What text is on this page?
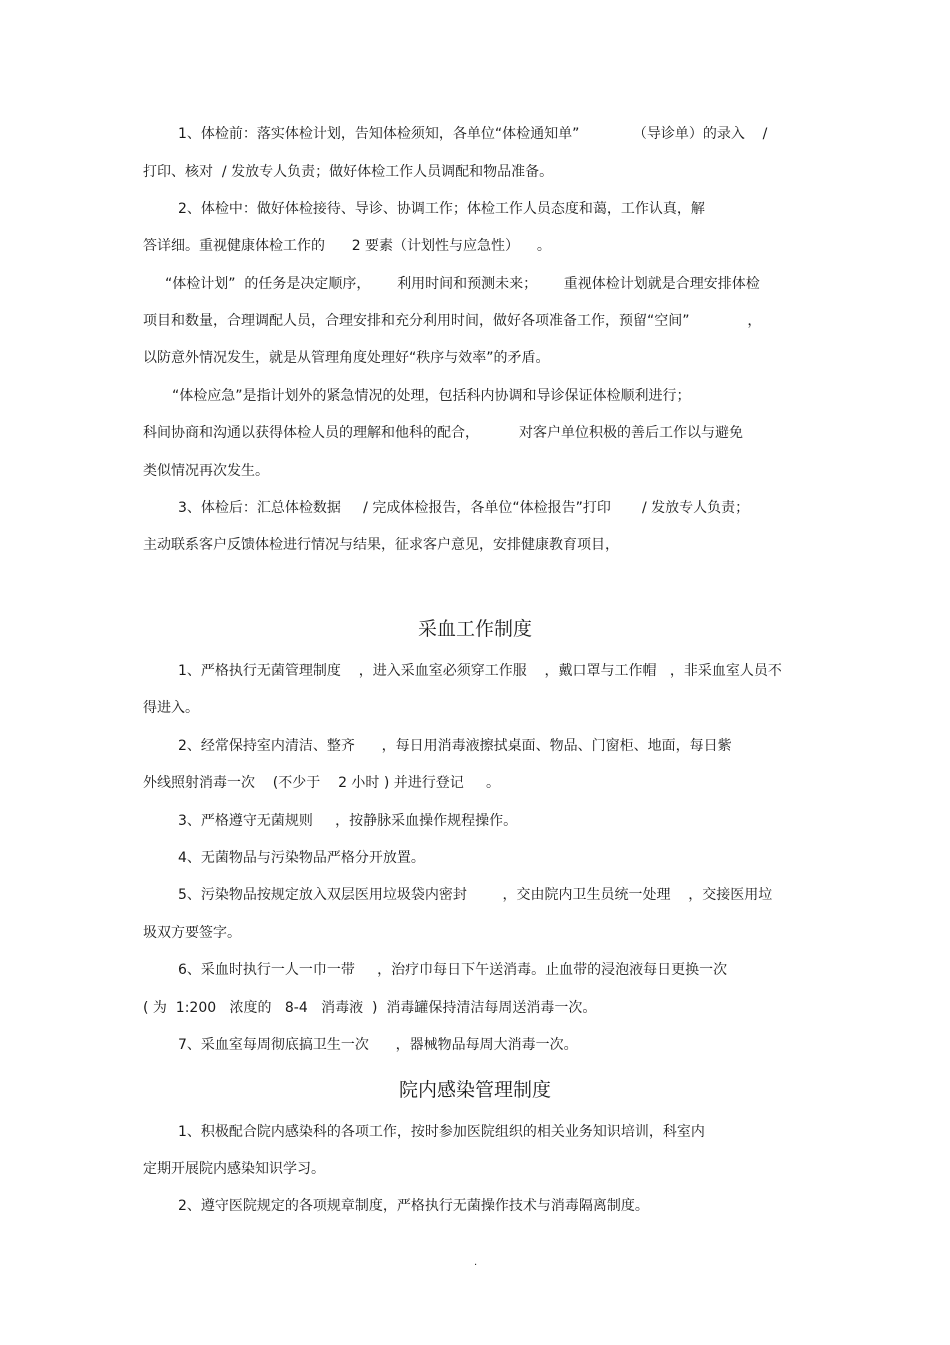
1、体检前：落实体检计划，告知体检须知，各单位“体检通知单”            （导诊单）的录入    /
打印、核对  / 发放专人负责；做好体检工作人员调配和物品准备。
2、体检中：做好体检接待、导诊、协调工作；体检工作人员态度和蔼，工作认真，解
答详细。重视健康体检工作的      2 要素（计划性与应急性）    。
“体检计划”  的任务是决定顺序，      利用时间和预测未来；      重视体检计划就是合理安排体检
项目和数量，合理调配人员，合理安排和充分利用时间，做好各项准备工作，预留“空间”             ，
以防意外情况发生，就是从管理角度处理好“秩序与效率”的矛盾。
“体检应急”是指计划外的紧急情况的处理，包括科内协调和导诊保证体检顺利进行；
科间协商和沟通以获得体检人员的理解和他科的配合，         对客户单位积极的善后工作以与避免
类似情况再次发生。
3、体检后：汇总体检数据     / 完成体检报告，各单位“体检报告”打印       / 发放专人负责；
主动联系客户反馈体检进行情况与结果，征求客户意见，安排健康教育项目，
采血工作制度
1、严格执行无菌管理制度    ，进入采血室必须穿工作服    ，戴口罩与工作帽   ，非采血室人员不
得进入。
2、经常保持室内清洁、整齐      ，每日用消毒液擦拭桌面、物品、门窗柜、地面，每日紫
外线照射消毒一次    (不少于    2 小时 ) 并进行登记     。
3、严格遵守无菌规则     ，按静脉采血操作规程操作。
4、无菌物品与污染物品严格分开放置。
5、污染物品按规定放入双层医用垃圾袋内密封        ，交由院内卫生员统一处理    ，交接医用垃
圾双方要签字。
6、采血时执行一人一巾一带     ，治疗巾每日下午送消毒。止血带的浸泡液每日更换一次
( 为  1:200   浓度的   8-4   消毒液  )  消毒罐保持清洁每周送消毒一次。
7、采血室每周彻底搞卫生一次      ，器械物品每周大消毒一次。
院内感染管理制度
1、积极配合院内感染科的各项工作，按时参加医院组织的相关业务知识培训，科室内
定期开展院内感染知识学习。
2、遵守医院规定的各项规章制度，严格执行无菌操作技术与消毒隔离制度。
.
